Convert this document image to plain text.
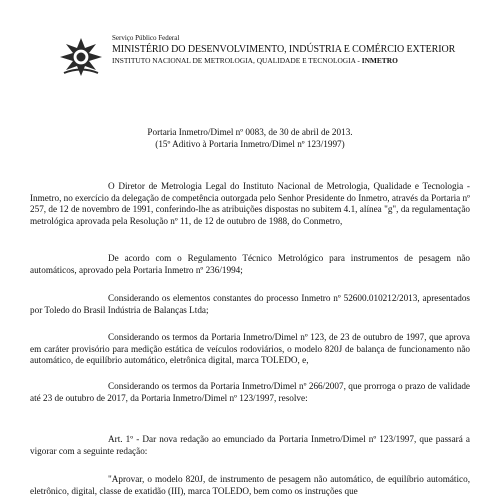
Serviço Público Federal
MINISTÉRIO DO DESENVOLVIMENTO, INDÚSTRIA E COMÉRCIO EXTERIOR
INSTITUTO NACIONAL DE METROLOGIA, QUALIDADE E TECNOLOGIA - INMETRO
Portaria Inmetro/Dimel nº 0083, de 30 de abril de 2013.
(15º Aditivo à Portaria Inmetro/Dimel nº 123/1997)

O Diretor de Metrologia Legal do Instituto Nacional de Metrologia, Qualidade e Tecnologia - Inmetro, no exercício da delegação de competência outorgada pelo Senhor Presidente do Inmetro, através da Portaria nº 257, de 12 de novembro de 1991, conferindo-lhe as atribuições dispostas no subitem 4.1, alínea "g", da regulamentação metrológica aprovada pela Resolução nº 11, de 12 de outubro de 1988, do Conmetro,

De acordo com o Regulamento Técnico Metrológico para instrumentos de pesagem não automáticos, aprovado pela Portaria Inmetro nº 236/1994;

Considerando os elementos constantes do processo Inmetro nº 52600.010212/2013, apresentados por Toledo do Brasil Indústria de Balanças Ltda;

Considerando os termos da Portaria Inmetro/Dimel nº 123, de 23 de outubro de 1997, que aprova em caráter provisório para medição estática de veículos rodoviários, o modelo 820J de balança de funcionamento não automático, de equilíbrio automático, eletrônica digital, marca TOLEDO, e,

Considerando os termos da Portaria Inmetro/Dimel nº 266/2007, que prorroga o prazo de validade até 23 de outubro de 2017, da Portaria Inmetro/Dimel nº 123/1997, resolve:

Art. 1º - Dar nova redação ao emunciado da Portaria Inmetro/Dimel nº 123/1997, que passará a vigorar com a seguinte redação:

"Aprovar, o modelo 820J, de instrumento de pesagem não automático, de equilíbrio automático, eletrônico, digital, classe de exatidão (III), marca TOLEDO, bem como os instruções que
